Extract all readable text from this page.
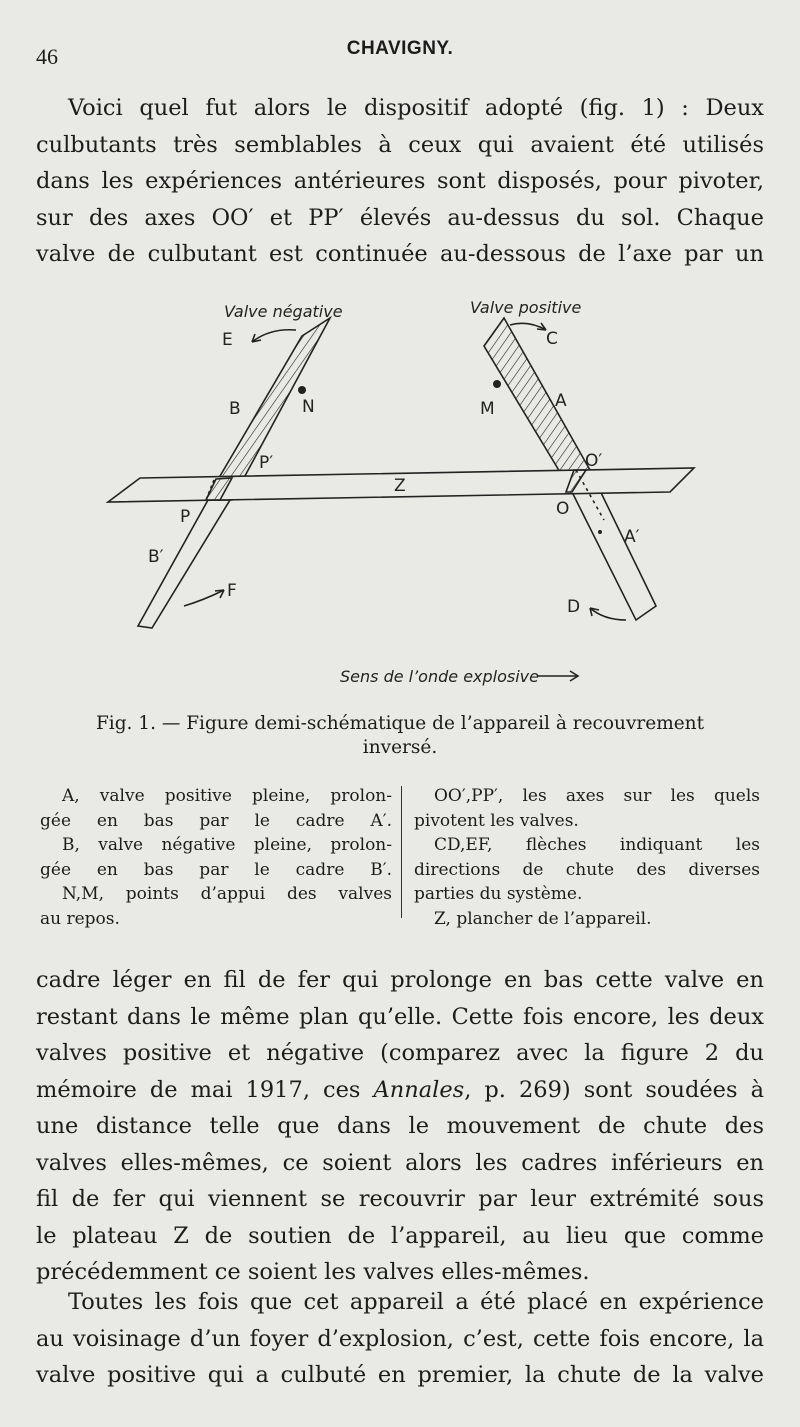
46	CHAVIGNY.
Voici quel fut alors le dispositif adopté (fig. 1) : Deux
culbutants très semblables à ceux qui avaient été utilisés
dans les expériences antérieures sont disposés, pour pivoter,
sur des axes OO′ et PP′ élevés au-dessus du sol. Chaque
valve de culbutant est continuée au-dessous de l’axe par un
Valve négative	Valve positive
E	C
B	N	M	A
P′	O′
Z
P	O
B′
A′
F
D
Sens de l’onde explosive
Fig. 1. — Figure demi-schématique de l’appareil à recouvrement
inversé.
A, valve positive pleine, prolon-
gée en bas par le cadre A′.
B, valve négative pleine, prolon-
gée en bas par le cadre B′.
N,M, points d’appui des valves
au repos.
OO′,PP′, les axes sur les quels
pivotent les valves.
CD,EF, flèches indiquant les
directions de chute des diverses
parties du système.
Z, plancher de l’appareil.
cadre léger en fil de fer qui prolonge en bas cette valve en
restant dans le même plan qu’elle. Cette fois encore, les deux
valves positive et négative (comparez avec la figure 2 du
mémoire de mai 1917, ces Annales, p. 269) sont soudées à
une distance telle que dans le mouvement de chute des
valves elles-mêmes, ce soient alors les cadres inférieurs en
fil de fer qui viennent se recouvrir par leur extrémité sous
le plateau Z de soutien de l’appareil, au lieu que comme
précédemment ce soient les valves elles-mêmes.
Toutes les fois que cet appareil a été placé en expérience
au voisinage d’un foyer d’explosion, c’est, cette fois encore, la
valve positive qui a culbuté en premier, la chute de la valve
